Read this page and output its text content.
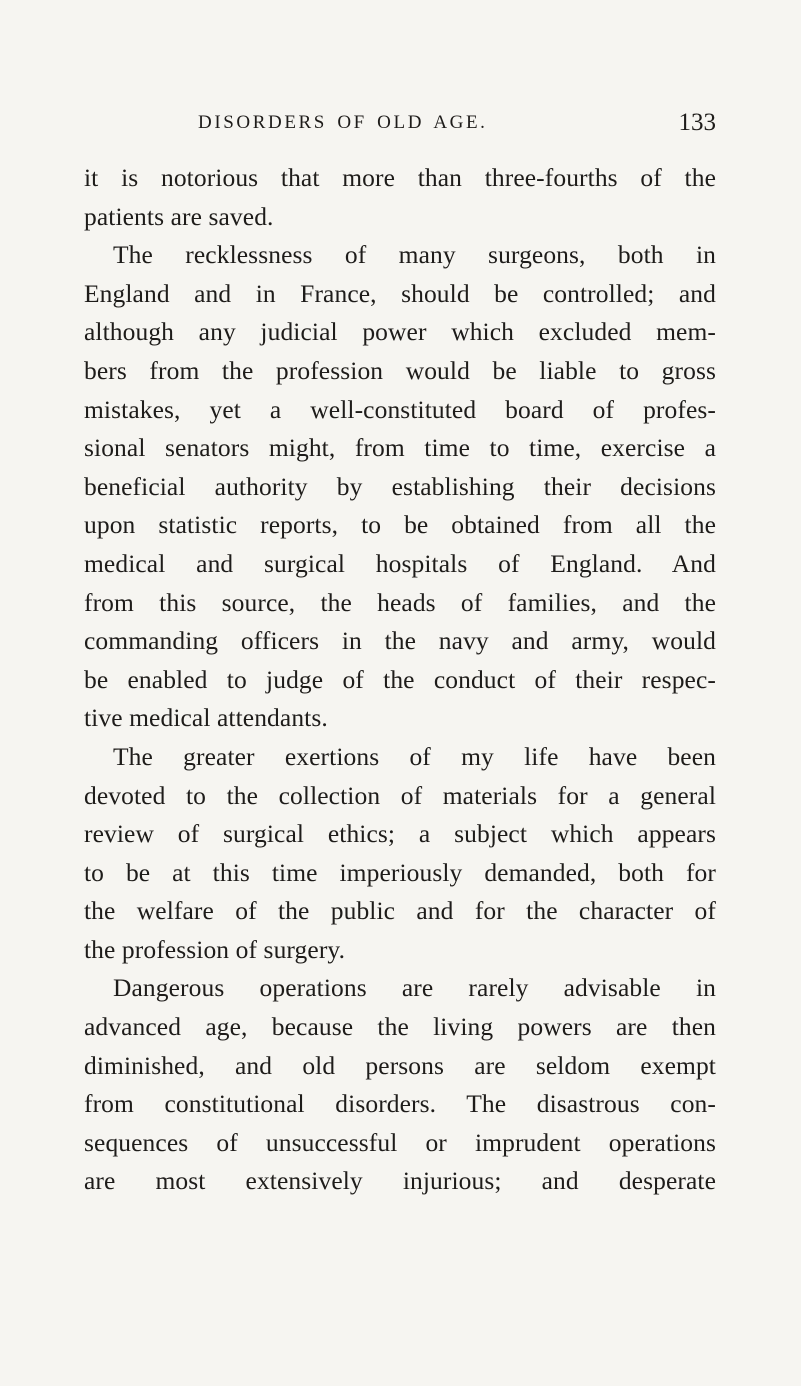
DISORDERS OF OLD AGE.	133
it is notorious that more than three-fourths of the
patients are saved.
The recklessness of many surgeons, both in
England and in France, should be controlled; and
although any judicial power which excluded mem-
bers from the profession would be liable to gross
mistakes, yet a well-constituted board of profes-
sional senators might, from time to time, exercise a
beneficial authority by establishing their decisions
upon statistic reports, to be obtained from all the
medical and surgical hospitals of England. And
from this source, the heads of families, and the
commanding officers in the navy and army, would
be enabled to judge of the conduct of their respec-
tive medical attendants.
The greater exertions of my life have been
devoted to the collection of materials for a general
review of surgical ethics; a subject which appears
to be at this time imperiously demanded, both for
the welfare of the public and for the character of
the profession of surgery.
Dangerous operations are rarely advisable in
advanced age, because the living powers are then
diminished, and old persons are seldom exempt
from constitutional disorders. The disastrous con-
sequences of unsuccessful or imprudent operations
are most extensively injurious; and desperate
